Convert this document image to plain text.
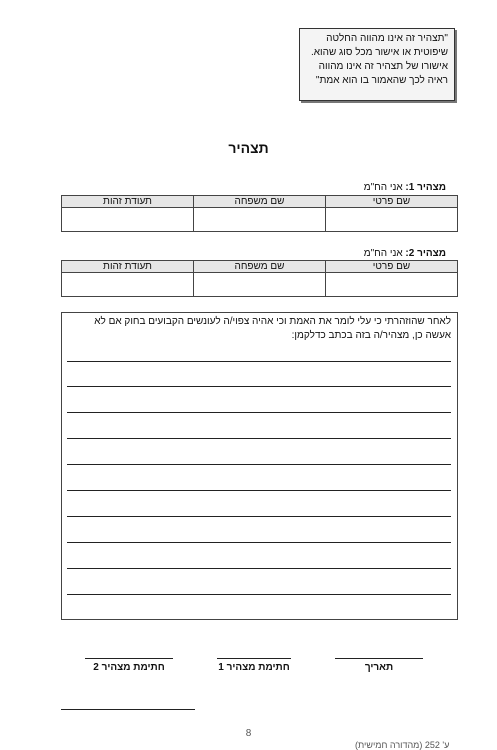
"תצהיר זה אינו מהווה החלטה
שיפוטית או אישור מכל סוג שהוא.
אישורו של תצהיר זה אינו מהווה
ראיה לכך שהאמור בו הוא אמת"
תצהיר
מצהיר 1: אני הח"מ
שם פרטי	שם משפחה	תעודת זהות

מצהיר 2: אני הח"מ
שם פרטי	שם משפחה	תעודת זהות

לאחר שהוזהרתי כי עלי לומר את האמת וכי אהיה צפוי/ה לעונשים הקבועים בחוק אם לא
אעשה כן, מצהיר/ה בזה בכתב כדלקמן:
תאריך
חתימת מצהיר 1
חתימת מצהיר 2
8
ע' 252 (מהדורה חמישית)
